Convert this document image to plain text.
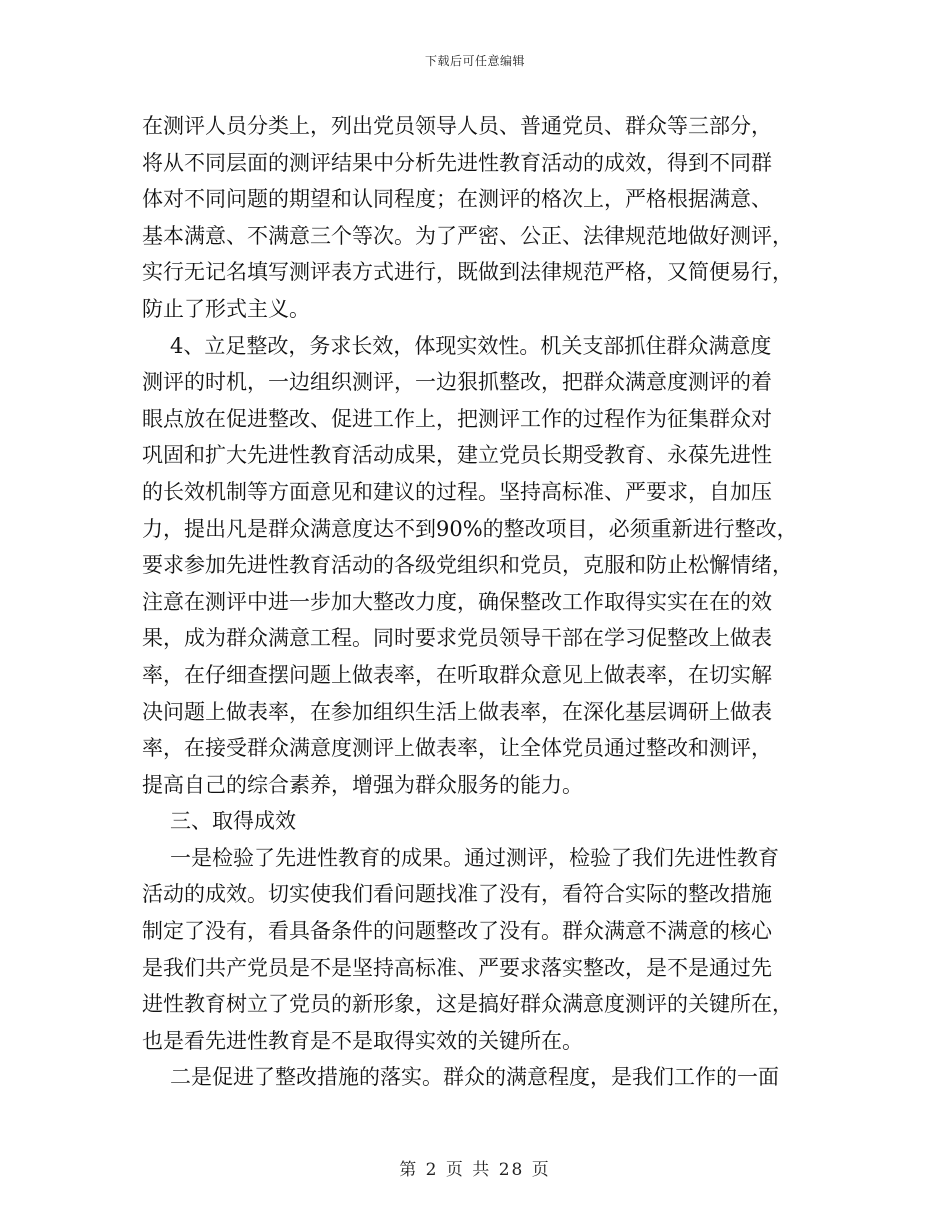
下载后可任意编辑
在测评人员分类上，列出党员领导人员、普通党员、群众等三部分，
将从不同层面的测评结果中分析先进性教育活动的成效，得到不同群
体对不同问题的期望和认同程度；在测评的格次上，严格根据满意、
基本满意、不满意三个等次。为了严密、公正、法律规范地做好测评，
实行无记名填写测评表方式进行，既做到法律规范严格，又简便易行，
防止了形式主义。
4、立足整改，务求长效，体现实效性。机关支部抓住群众满意度
测评的时机，一边组织测评，一边狠抓整改，把群众满意度测评的着
眼点放在促进整改、促进工作上，把测评工作的过程作为征集群众对
巩固和扩大先进性教育活动成果，建立党员长期受教育、永葆先进性
的长效机制等方面意见和建议的过程。坚持高标准、严要求，自加压
力，提出凡是群众满意度达不到90%的整改项目，必须重新进行整改，
要求参加先进性教育活动的各级党组织和党员，克服和防止松懈情绪，
注意在测评中进一步加大整改力度，确保整改工作取得实实在在的效
果，成为群众满意工程。同时要求党员领导干部在学习促整改上做表
率，在仔细查摆问题上做表率，在听取群众意见上做表率，在切实解
决问题上做表率，在参加组织生活上做表率，在深化基层调研上做表
率，在接受群众满意度测评上做表率，让全体党员通过整改和测评，
提高自己的综合素养，增强为群众服务的能力。
三、取得成效
一是检验了先进性教育的成果。通过测评，检验了我们先进性教育
活动的成效。切实使我们看问题找准了没有，看符合实际的整改措施
制定了没有，看具备条件的问题整改了没有。群众满意不满意的核心
是我们共产党员是不是坚持高标准、严要求落实整改，是不是通过先
进性教育树立了党员的新形象，这是搞好群众满意度测评的关键所在，
也是看先进性教育是不是取得实效的关键所在。
二是促进了整改措施的落实。群众的满意程度，是我们工作的一面
第 2 页 共 28 页
